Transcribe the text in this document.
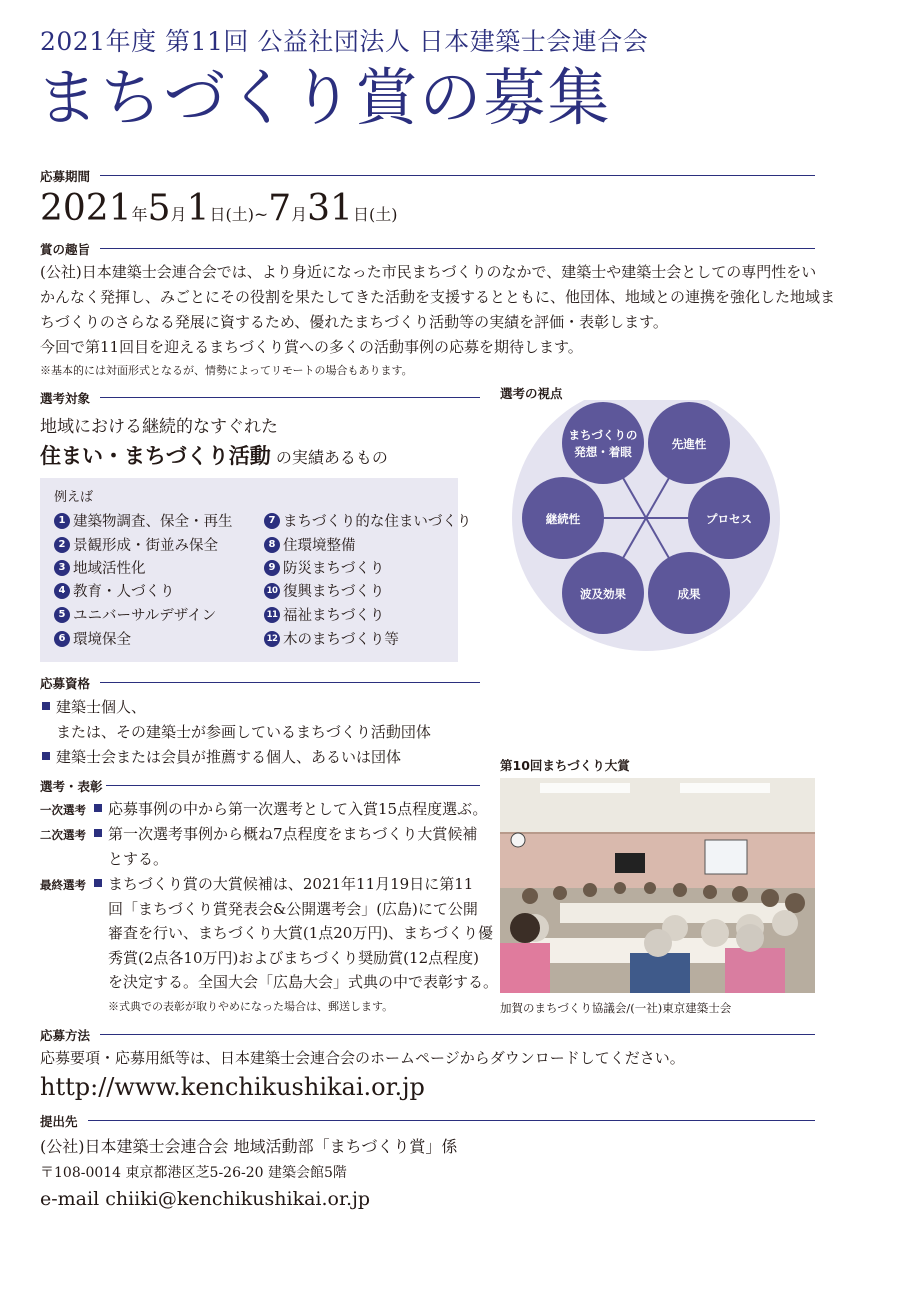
2021年度 第11回 公益社団法人 日本建築士会連合会
まちづくり賞の募集
応募期間
2021年5月1日(土)~7月31日(土)
賞の趣旨
(公社)日本建築士会連合会では、より身近になった市民まちづくりのなかで、建築士や建築士会としての専門性をい
かんなく発揮し、みごとにその役割を果たしてきた活動を支援するとともに、他団体、地域との連携を強化した地域ま
ちづくりのさらなる発展に資するため、優れたまちづくり活動等の実績を評価・表彰します。
今回で第11回目を迎えるまちづくり賞への多くの活動事例の応募を期待します。
※基本的には対面形式となるが、情勢によってリモートの場合もあります。
選考対象
地域における継続的なすぐれた
住まい・まちづくり活動 の実績あるもの
例えば
1 建築物調査、保全・再生
2 景観形成・街並み保全
3 地域活性化
4 教育・人づくり
5 ユニバーサルデザイン
6 環境保全
7 まちづくり的な住まいづくり
8 住環境整備
9 防災まちづくり
10 復興まちづくり
11 福祉まちづくり
12 木のまちづくり等
選考の視点
まちづくりの
発想・着眼
先進性
プロセス
成果
波及効果
継続性
応募資格
建築士個人、
または、その建築士が参画しているまちづくり活動団体
建築士会または会員が推薦する個人、あるいは団体
選考・表彰
一次選考	応募事例の中から第一次選考として入賞15点程度選ぶ。
二次選考	第一次選考事例から概ね7点程度をまちづくり大賞候補
とする。
最終選考	まちづくり賞の大賞候補は、2021年11月19日に第11
回「まちづくり賞発表会&公開選考会」(広島)にて公開
審査を行い、まちづくり大賞(1点20万円)、まちづくり優
秀賞(2点各10万円)およびまちづくり奨励賞(12点程度)
を決定する。全国大会「広島大会」式典の中で表彰する。
※式典での表彰が取りやめになった場合は、郵送します。
第10回まちづくり大賞
加賀のまちづくり協議会/(一社)東京建築士会
応募方法
応募要項・応募用紙等は、日本建築士会連合会のホームページからダウンロードしてください。
http://www.kenchikushikai.or.jp
提出先
(公社)日本建築士会連合会 地域活動部「まちづくり賞」係
〒108-0014 東京都港区芝5-26-20 建築会館5階
e-mail chiiki@kenchikushikai.or.jp
